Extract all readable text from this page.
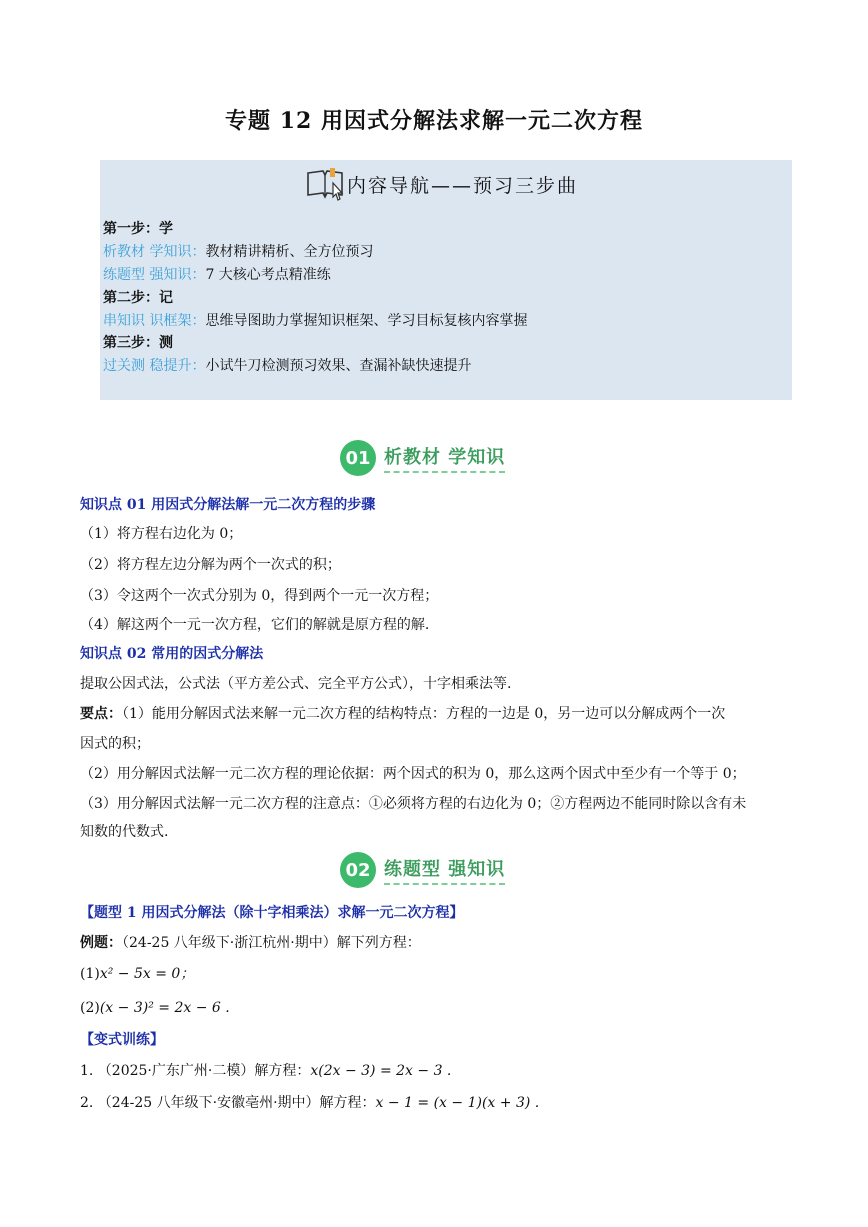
专题 12 用因式分解法求解一元二次方程
内容导航——预习三步曲
第一步：学
析教材 学知识：教材精讲精析、全方位预习
练题型 强知识：7 大核心考点精准练
第二步：记
串知识 识框架：思维导图助力掌握知识框架、学习目标复核内容掌握
第三步：测
过关测 稳提升：小试牛刀检测预习效果、查漏补缺快速提升
01 析教材 学知识
知识点 01 用因式分解法解一元二次方程的步骤
（1）将方程右边化为 0；
（2）将方程左边分解为两个一次式的积；
（3）令这两个一次式分别为 0，得到两个一元一次方程；
（4）解这两个一元一次方程，它们的解就是原方程的解.
知识点 02 常用的因式分解法
提取公因式法，公式法（平方差公式、完全平方公式），十字相乘法等.
要点：（1）能用分解因式法来解一元二次方程的结构特点：方程的一边是 0，另一边可以分解成两个一次
因式的积；
（2）用分解因式法解一元二次方程的理论依据：两个因式的积为 0，那么这两个因式中至少有一个等于 0；
（3）用分解因式法解一元二次方程的注意点：①必须将方程的右边化为 0；②方程两边不能同时除以含有未
知数的代数式.
02 练题型 强知识
【题型 1 用因式分解法（除十字相乘法）求解一元二次方程】
例题：（24-25 八年级下·浙江杭州·期中）解下列方程：
(1)x² − 5x = 0；
(2)(x − 3)² = 2x − 6 .
【变式训练】
1. （2025·广东广州·二模）解方程：x(2x − 3) = 2x − 3 .
2. （24-25 八年级下·安徽亳州·期中）解方程：x − 1 = (x − 1)(x + 3) .
